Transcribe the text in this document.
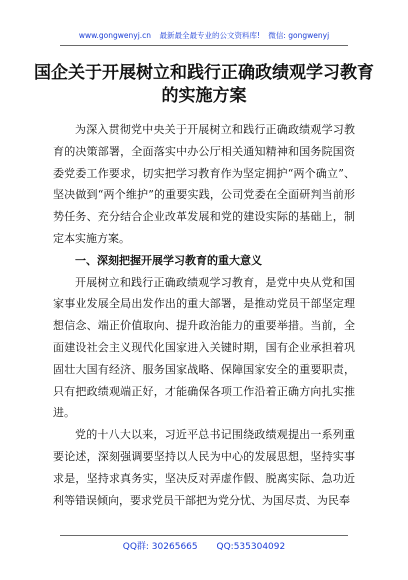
www.gongwenyj.cn 最新最全最专业的公文资料库! 微信: gongwenyj
国企关于开展树立和践行正确政绩观学习教育的实施方案

为深入贯彻党中央关于开展树立和践行正确政绩观学习教育的决策部署，全面落实中办公厅相关通知精神和国务院国资委党委工作要求，切实把学习教育作为坚定拥护“两个确立”、坚决做到“两个维护”的重要实践，公司党委在全面研判当前形势任务、充分结合企业改革发展和党的建设实际的基础上，制定本实施方案。

一、深刻把握开展学习教育的重大意义

开展树立和践行正确政绩观学习教育，是党中央从党和国家事业发展全局出发作出的重大部署，是推动党员干部坚定理想信念、端正价值取向、提升政治能力的重要举措。当前，全面建设社会主义现代化国家进入关键时期，国有企业承担着巩固壮大国有经济、服务国家战略、保障国家安全的重要职责，只有把政绩观端正好，才能确保各项工作沿着正确方向扎实推进。

党的十八大以来，习近平总书记围绕政绩观提出一系列重要论述，深刻强调要坚持以人民为中心的发展思想，坚持实事求是，坚持求真务实，坚决反对弄虚作假、脱离实际、急功近利等错误倾向，要求党员干部把为党分忧、为国尽责、为民奉

QQ群: 30265665 QQ:535304092
